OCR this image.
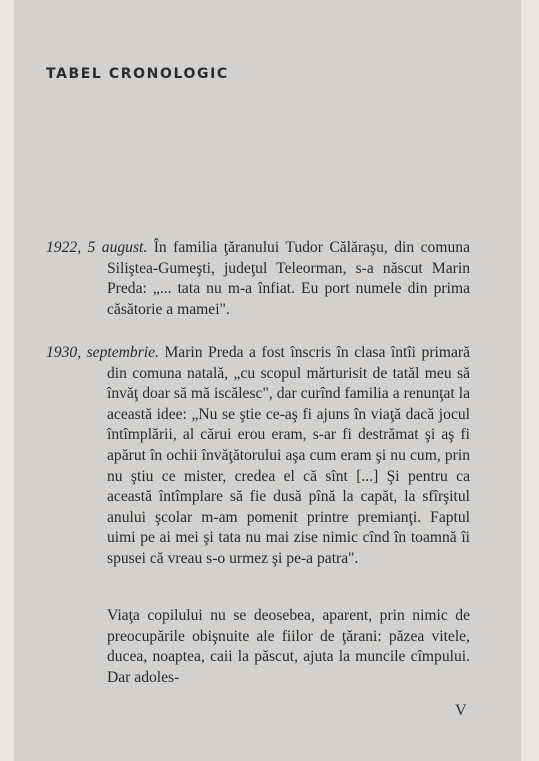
TABEL CRONOLOGIC

1922, 5 august. În familia ţăranului Tudor Călăraşu, din comuna Siliştea-Gumeşti, judeţul Teleorman, s-a născut Marin Preda: „... tata nu m-a înfiat. Eu port numele din prima căsătorie a mamei".

1930, septembrie. Marin Preda a fost înscris în clasa întîi primară din comuna natală, „cu scopul mărturisit de tatăl meu să învăţ doar să mă iscălesc", dar curînd familia a renunţat la această idee: „Nu se ştie ce-aş fi ajuns în viaţă dacă jocul întîmplării, al cărui erou eram, s-ar fi destrămat şi aş fi apărut în ochii învăţătorului aşa cum eram şi nu cum, prin nu ştiu ce mister, credea el că sînt [...] Şi pentru ca această întîmplare să fie dusă pînă la capăt, la sfîrşitul anului şcolar m-am pomenit printre premianţi. Faptul uimi pe ai mei şi tata nu mai zise nimic cînd în toamnă îi spusei că vreau s-o urmez şi pe-a patra".

Viaţa copilului nu se deosebea, aparent, prin nimic de preocupările obişnuite ale fiilor de ţărani: păzea vitele, ducea, noaptea, caii la păscut, ajuta la muncile cîmpului. Dar adoles-

V
